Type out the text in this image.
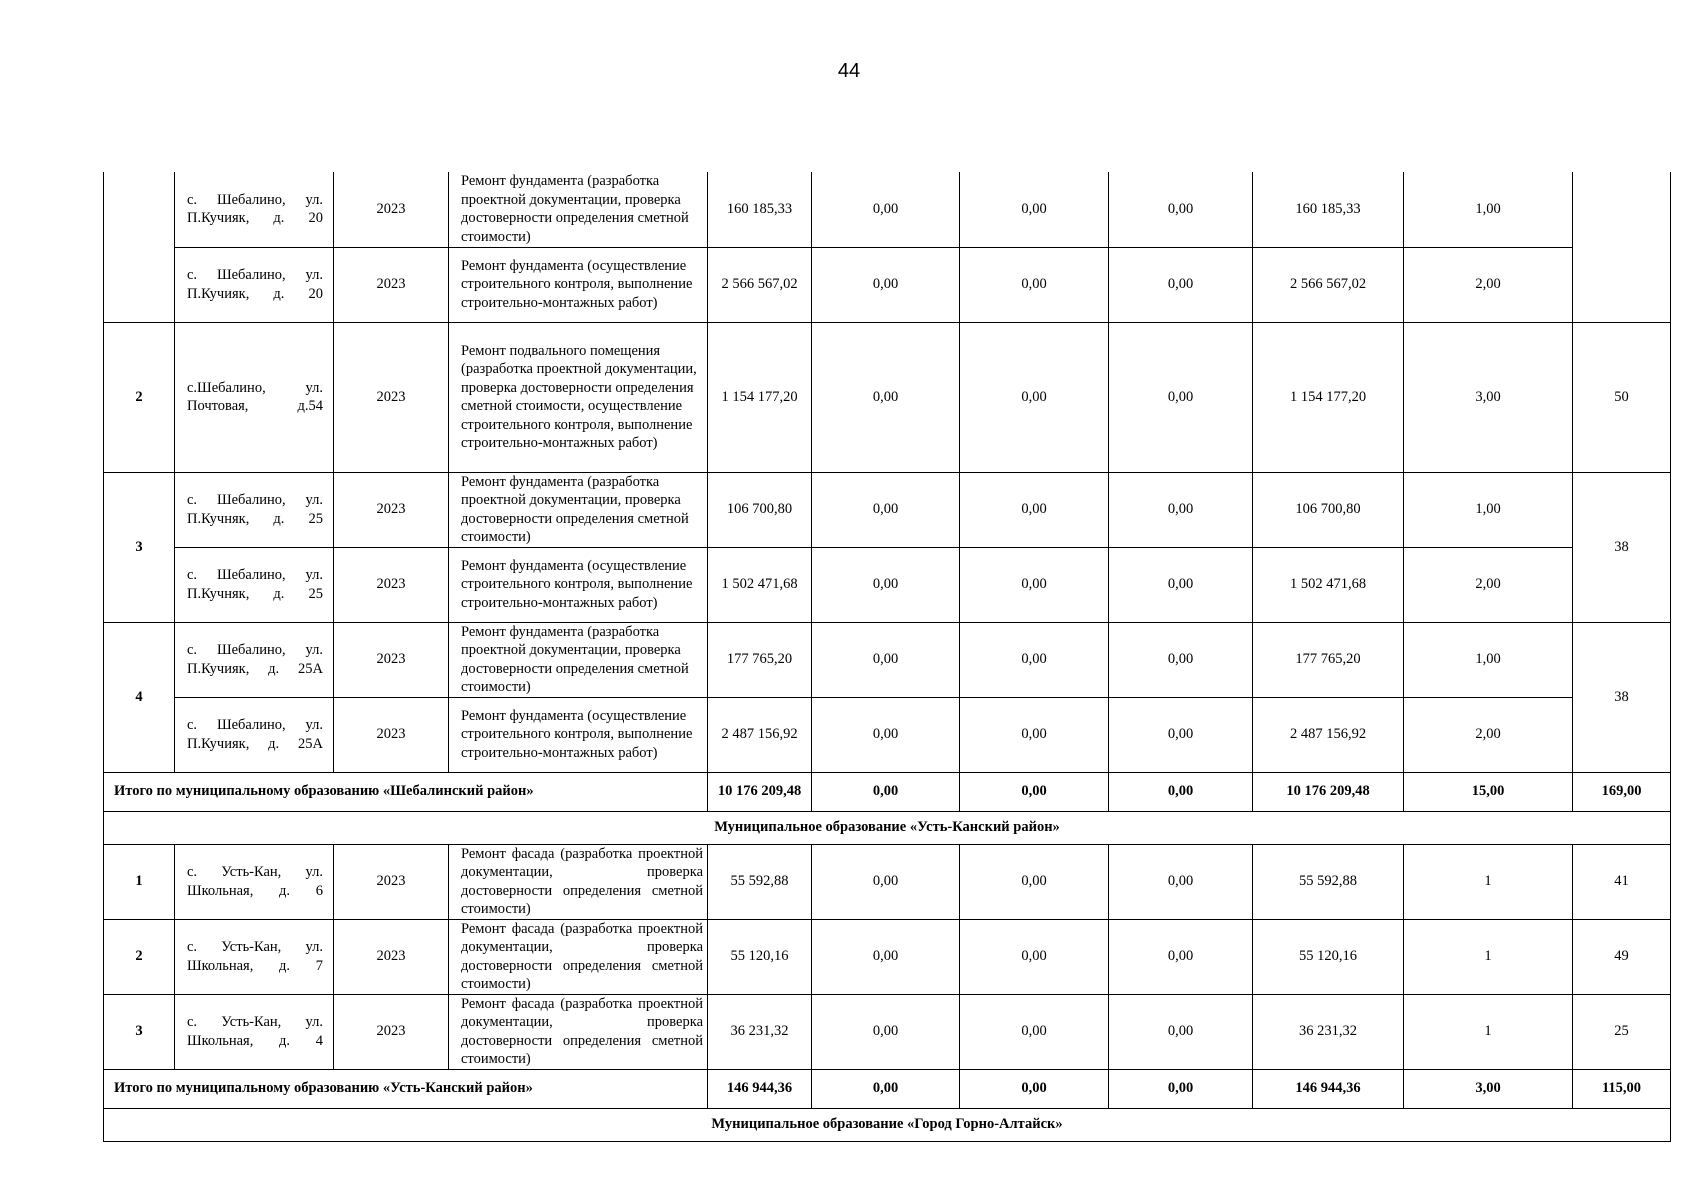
44
	с. Шебалино, ул. П.Кучияк, д. 20	2023	Ремонт фундамента (разработка проектной документации, проверка достоверности определения сметной стоимости)	160 185,33	0,00	0,00	0,00	160 185,33	1,00	
	с. Шебалино, ул. П.Кучияк, д. 20	2023	Ремонт фундамента (осуществление строительного контроля, выполнение строительно-монтажных работ)	2 566 567,02	0,00	0,00	0,00	2 566 567,02	2,00	
2	с.Шебалино, ул. Почтовая, д.54	2023	Ремонт подвального помещения (разработка проектной документации, проверка достоверности определения сметной стоимости, осуществление строительного контроля, выполнение строительно-монтажных работ)	1 154 177,20	0,00	0,00	0,00	1 154 177,20	3,00	50
3	с. Шебалино, ул. П.Кучняк, д. 25	2023	Ремонт фундамента (разработка проектной документации, проверка достоверности определения сметной стоимости)	106 700,80	0,00	0,00	0,00	106 700,80	1,00	38
	с. Шебалино, ул. П.Кучняк, д. 25	2023	Ремонт фундамента (осуществление строительного контроля, выполнение строительно-монтажных работ)	1 502 471,68	0,00	0,00	0,00	1 502 471,68	2,00	
4	с. Шебалино, ул. П.Кучияк, д. 25А	2023	Ремонт фундамента (разработка проектной документации, проверка достоверности определения сметной стоимости)	177 765,20	0,00	0,00	0,00	177 765,20	1,00	38
	с. Шебалино, ул. П.Кучияк, д. 25А	2023	Ремонт фундамента (осуществление строительного контроля, выполнение строительно-монтажных работ)	2 487 156,92	0,00	0,00	0,00	2 487 156,92	2,00	
Итого по муниципальному образованию «Шебалинский район»				10 176 209,48	0,00	0,00	0,00	10 176 209,48	15,00	169,00
Муниципальное образование «Усть-Канский район»										
1	с. Усть-Кан, ул. Школьная, д. 6	2023	Ремонт фасада (разработка проектной документации, проверка достоверности определения сметной стоимости)	55 592,88	0,00	0,00	0,00	55 592,88	1	41
2	с. Усть-Кан, ул. Школьная, д. 7	2023	Ремонт фасада (разработка проектной документации, проверка достоверности определения сметной стоимости)	55 120,16	0,00	0,00	0,00	55 120,16	1	49
3	с. Усть-Кан, ул. Школьная, д. 4	2023	Ремонт фасада (разработка проектной документации, проверка достоверности определения сметной стоимости)	36 231,32	0,00	0,00	0,00	36 231,32	1	25
Итого по муниципальному образованию «Усть-Канский район»				146 944,36	0,00	0,00	0,00	146 944,36	3,00	115,00
Муниципальное образование «Город Горно-Алтайск»										
